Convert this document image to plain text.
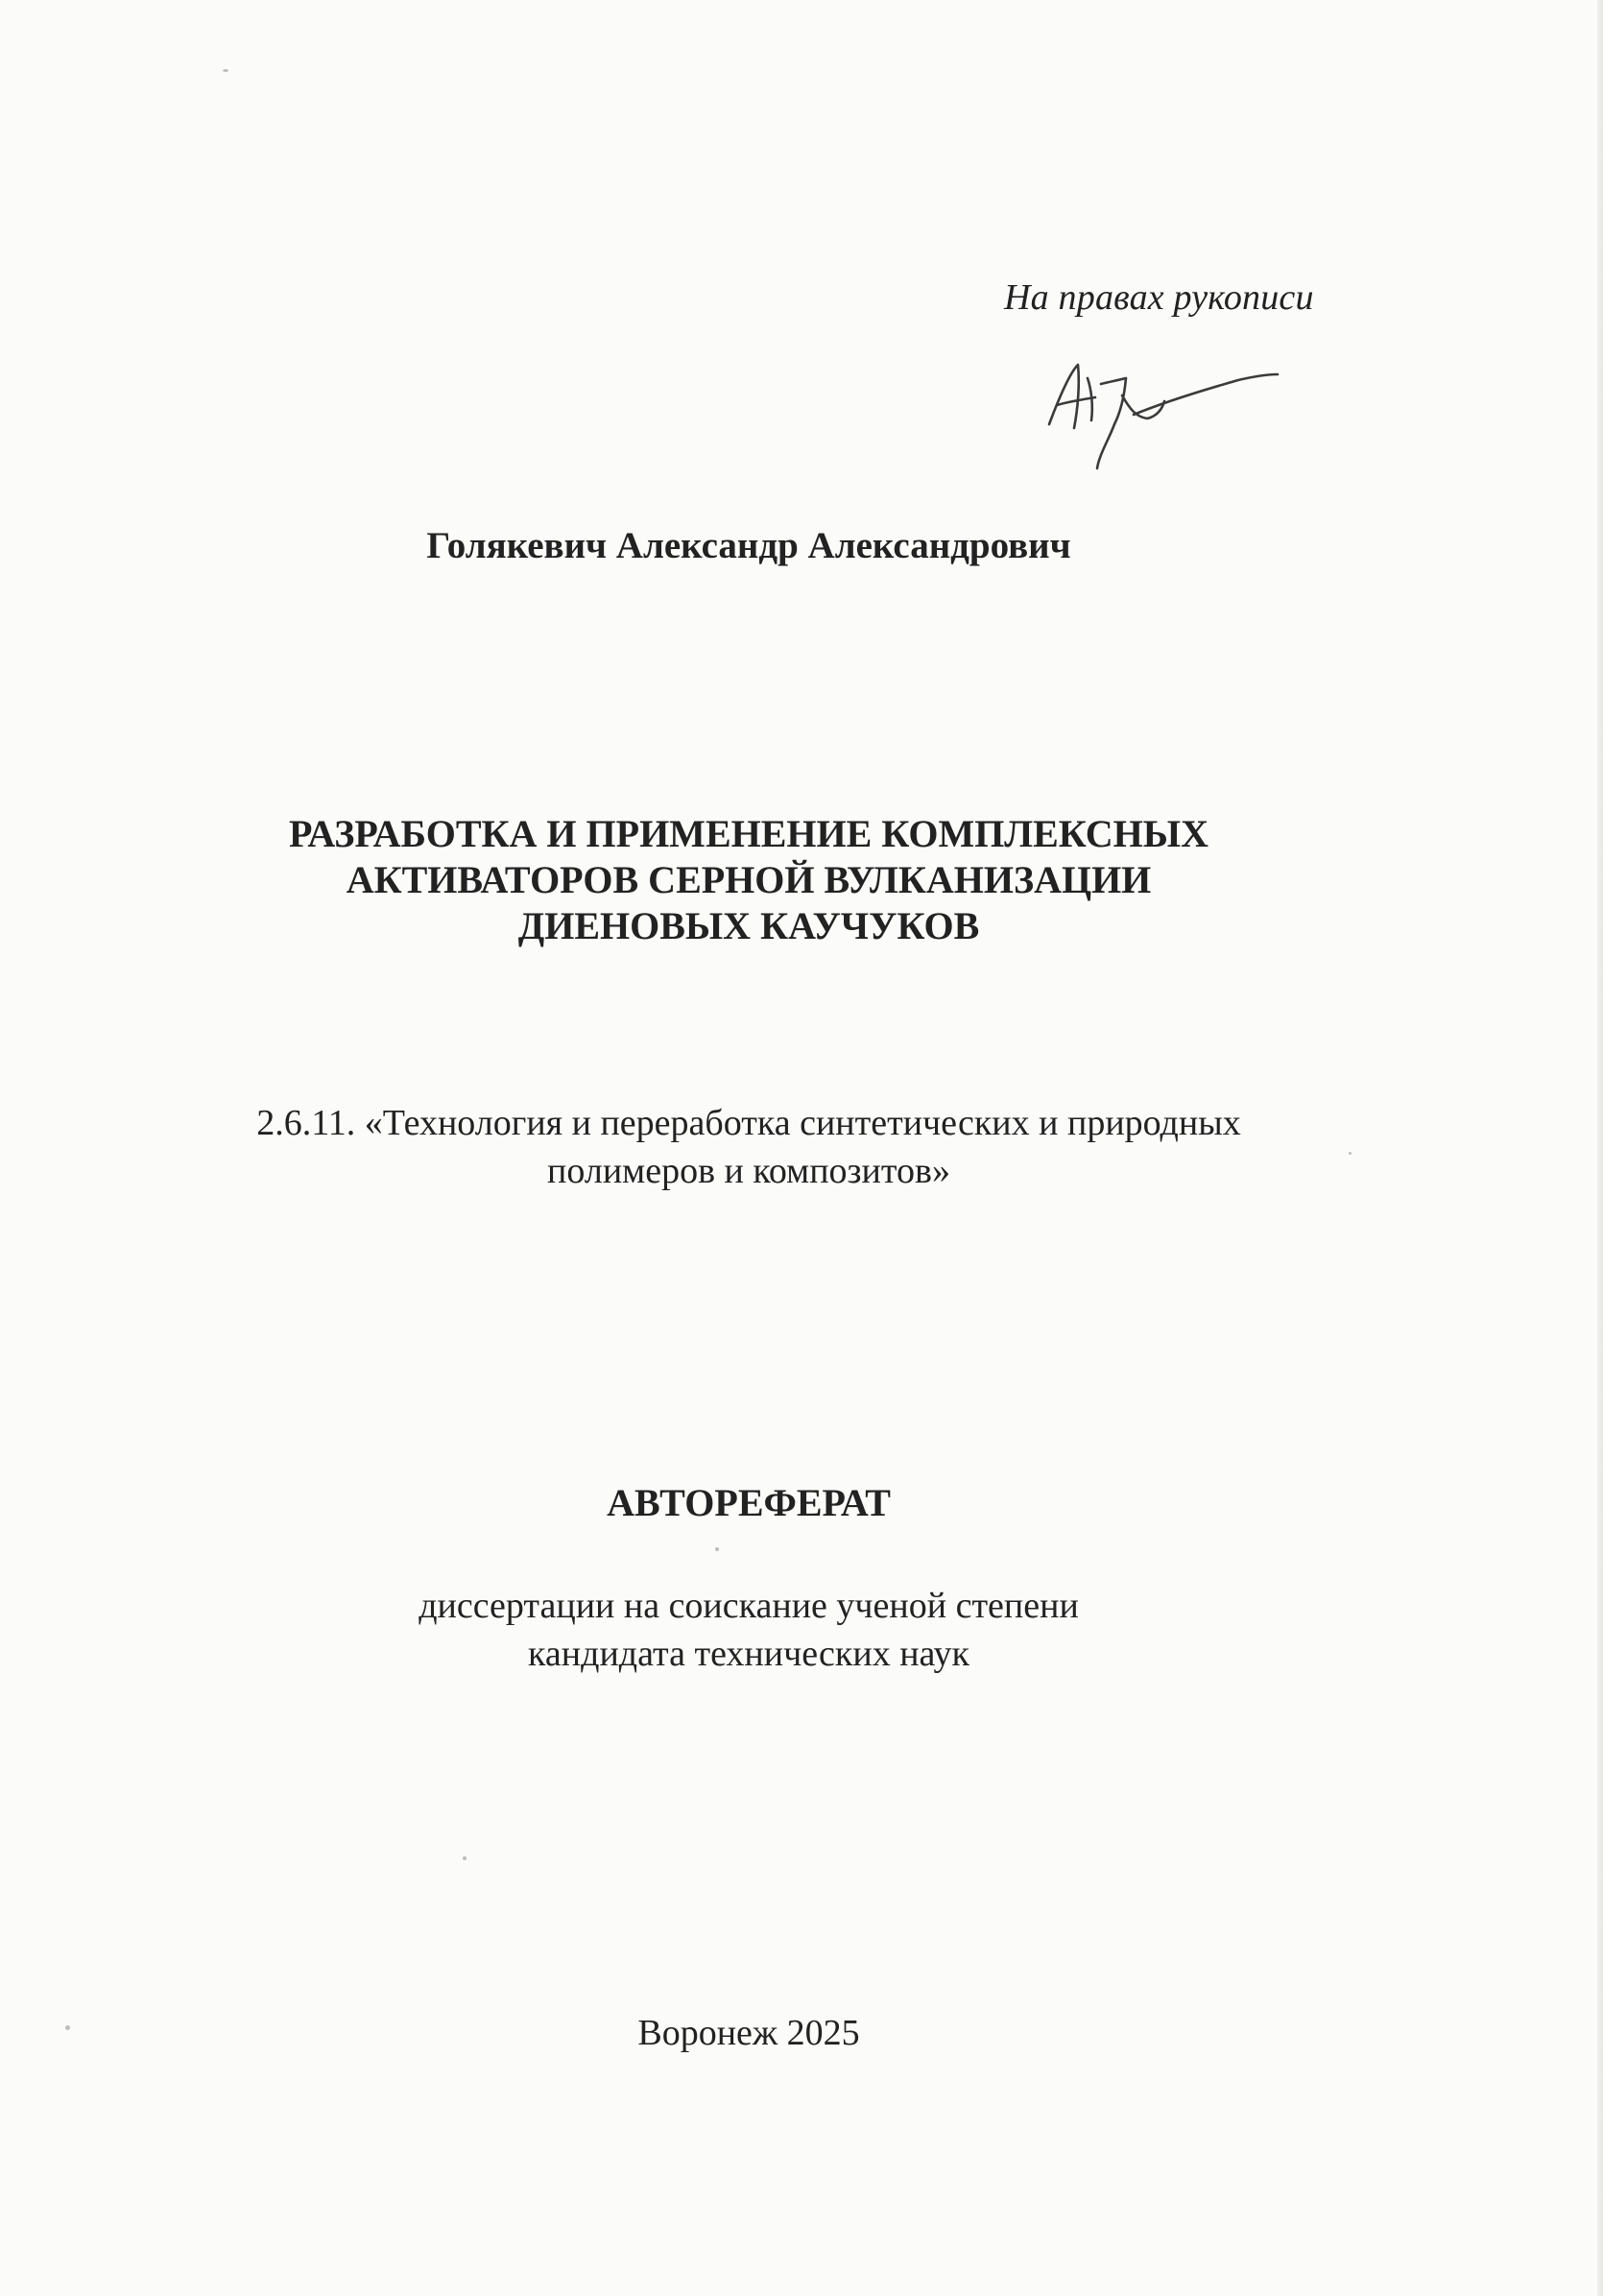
На правах рукописи

Голякевич Александр Александрович

РАЗРАБОТКА И ПРИМЕНЕНИЕ КОМПЛЕКСНЫХ
АКТИВАТОРОВ СЕРНОЙ ВУЛКАНИЗАЦИИ
ДИЕНОВЫХ КАУЧУКОВ
2.6.11. «Технология и переработка синтетических и природных
полимеров и композитов»

АВТОРЕФЕРАТ

диссертации на соискание ученой степени
кандидата технических наук

Воронеж 2025
